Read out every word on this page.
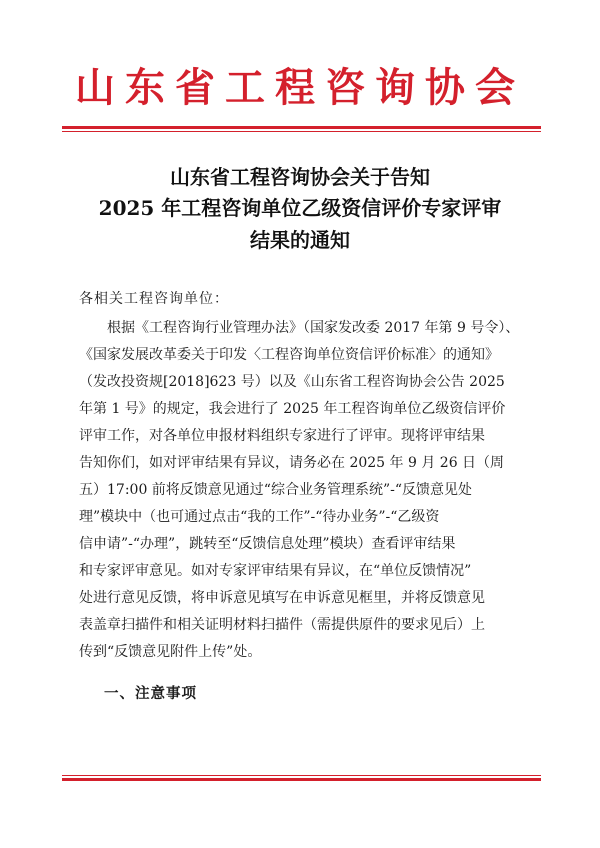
山东省工程咨询协会
山东省工程咨询协会关于告知
2025 年工程咨询单位乙级资信评价专家评审
结果的通知
各相关工程咨询单位：
　　根据《工程咨询行业管理办法》（国家发改委 2017 年第 9 号令）、
《国家发展改革委关于印发〈工程咨询单位资信评价标准〉的通知》
（发改投资规[2018]623 号）以及《山东省工程咨询协会公告 2025
年第 1 号》的规定，我会进行了 2025 年工程咨询单位乙级资信评价
评审工作，对各单位申报材料组织专家进行了评审。现将评审结果
告知你们，如对评审结果有异议，请务必在 2025 年 9 月 26 日（周
五）17:00 前将反馈意见通过“综合业务管理系统”-“反馈意见处
理”模块中（也可通过点击“我的工作”-“待办业务”-“乙级资
信申请”-“办理”，跳转至“反馈信息处理”模块）查看评审结果
和专家评审意见。如对专家评审结果有异议，在“单位反馈情况”
处进行意见反馈，将申诉意见填写在申诉意见框里，并将反馈意见
表盖章扫描件和相关证明材料扫描件（需提供原件的要求见后）上
传到“反馈意见附件上传”处。
一、注意事项
